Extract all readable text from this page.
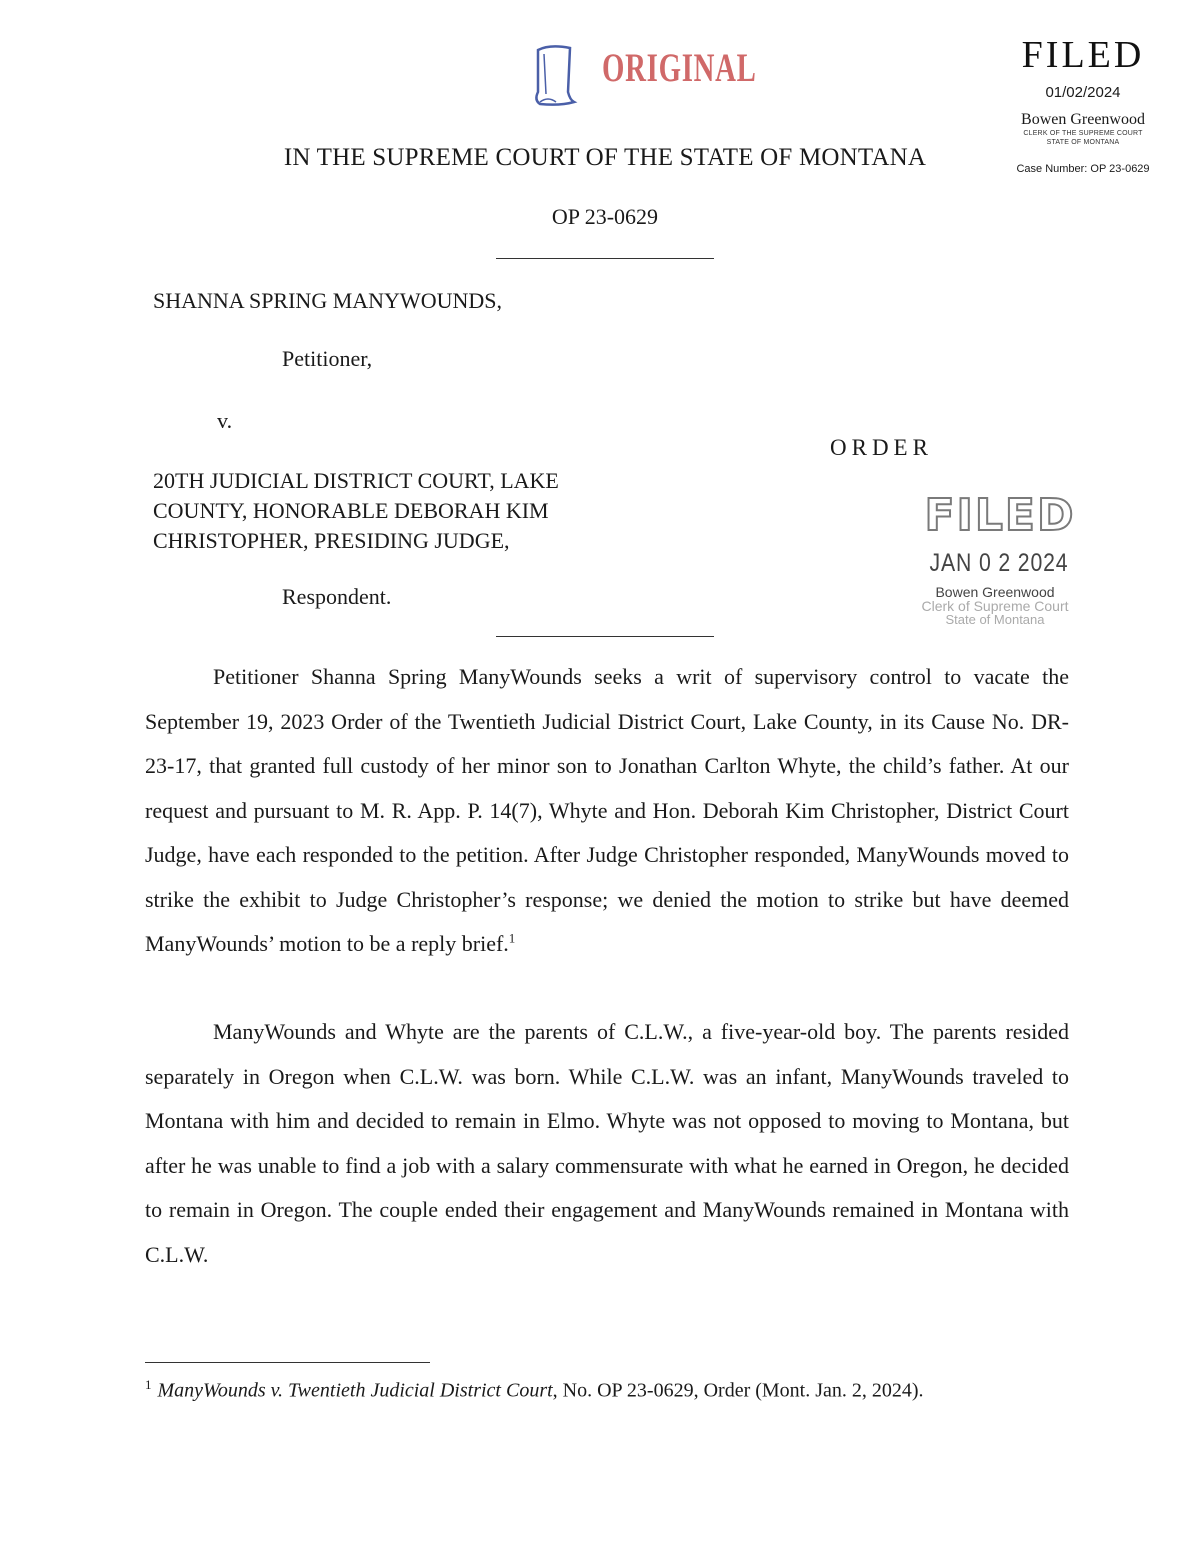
ORIGINAL	FILED
01/02/2024
Bowen Greenwood
CLERK OF THE SUPREME COURT
STATE OF MONTANA
Case Number: OP 23-0629
IN THE SUPREME COURT OF THE STATE OF MONTANA
OP 23-0629
SHANNA SPRING MANYWOUNDS,
Petitioner,
v.
ORDER
20TH JUDICIAL DISTRICT COURT, LAKE COUNTY, HONORABLE DEBORAH KIM CHRISTOPHER, PRESIDING JUDGE,
Respondent.
FILED
JAN 0 2 2024
Bowen Greenwood
Clerk of Supreme Court
State of Montana

Petitioner Shanna Spring ManyWounds seeks a writ of supervisory control to vacate the September 19, 2023 Order of the Twentieth Judicial District Court, Lake County, in its Cause No. DR-23-17, that granted full custody of her minor son to Jonathan Carlton Whyte, the child’s father. At our request and pursuant to M. R. App. P. 14(7), Whyte and Hon. Deborah Kim Christopher, District Court Judge, have each responded to the petition. After Judge Christopher responded, ManyWounds moved to strike the exhibit to Judge Christopher’s response; we denied the motion to strike but have deemed ManyWounds’ motion to be a reply brief.$^1$

ManyWounds and Whyte are the parents of C.L.W., a five-year-old boy. The parents resided separately in Oregon when C.L.W. was born. While C.L.W. was an infant, ManyWounds traveled to Montana with him and decided to remain in Elmo. Whyte was not opposed to moving to Montana, but after he was unable to find a job with a salary commensurate with what he earned in Oregon, he decided to remain in Oregon. The couple ended their engagement and ManyWounds remained in Montana with C.L.W.

$^1$ ManyWounds v. Twentieth Judicial District Court, No. OP 23-0629, Order (Mont. Jan. 2, 2024).
